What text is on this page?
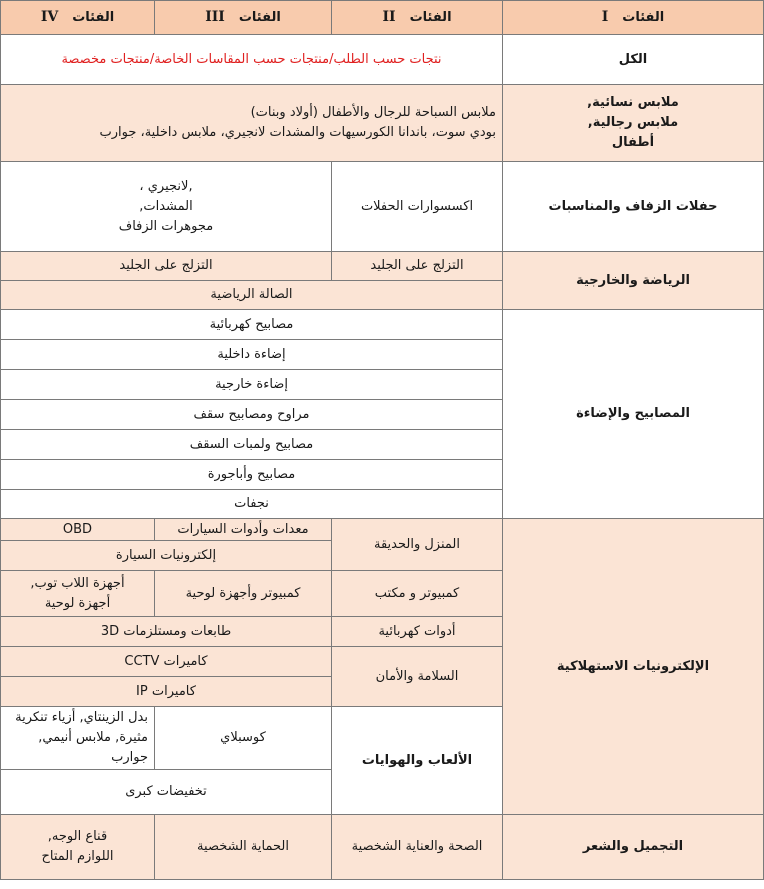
الفئاتI	الفئاتII	الفئاتIII	الفئاتIV
الكل	نتجات حسب الطلب/منتجات حسب المقاسات الخاصة/منتجات مخصصة		
ملابس نسائية,
ملابس رجالية,
أطفال	ملابس السباحة للرجال والأطفال (أولاد وبنات)
بودي سوت، باندانا الكورسيهات والمشدات لانجيري، ملابس داخلية، جوارب		
حفلات الزفاف والمناسبات	اكسسوارات الحفلات	,لانجيري ،
المشدات,
مجوهرات الزفاف	
الرياضة والخارجية	التزلج على الجليد	التزلج على الجليد	
	الصالة الرياضية		
المصابيح والإضاءة	مصابيح كهربائية		
	إضاءة داخلية		
	إضاءة خارجية		
	مراوح ومصابيح سقف		
	مصابيح ولمبات السقف		
	مصابيح وأباجورة		
	نجفات		
الإلكترونيات الاستهلاكية	المنزل والحديقة	معدات وأدوات السيارات	OBD
		إلكترونيات السيارة	
	كمبيوتر و مكتب	كمبيوتر وأجهزة لوحية	أجهزة اللاب توب,
أجهزة لوحية
	أدوات كهربائية	طابعات ومستلزمات 3D	
	السلامة والأمان	كاميرات CCTV	
		كاميرات IP	
	الألعاب والهوايات	كوسبلاي	بدل الزينتاي, أزياء تنكرية مثيرة, ملابس أنيمي, جوارب
		تخفيضات كبرى	
التجميل والشعر	الصحة والعناية الشخصية	الحماية الشخصية	قناع الوجه,
اللوازم المتاح
